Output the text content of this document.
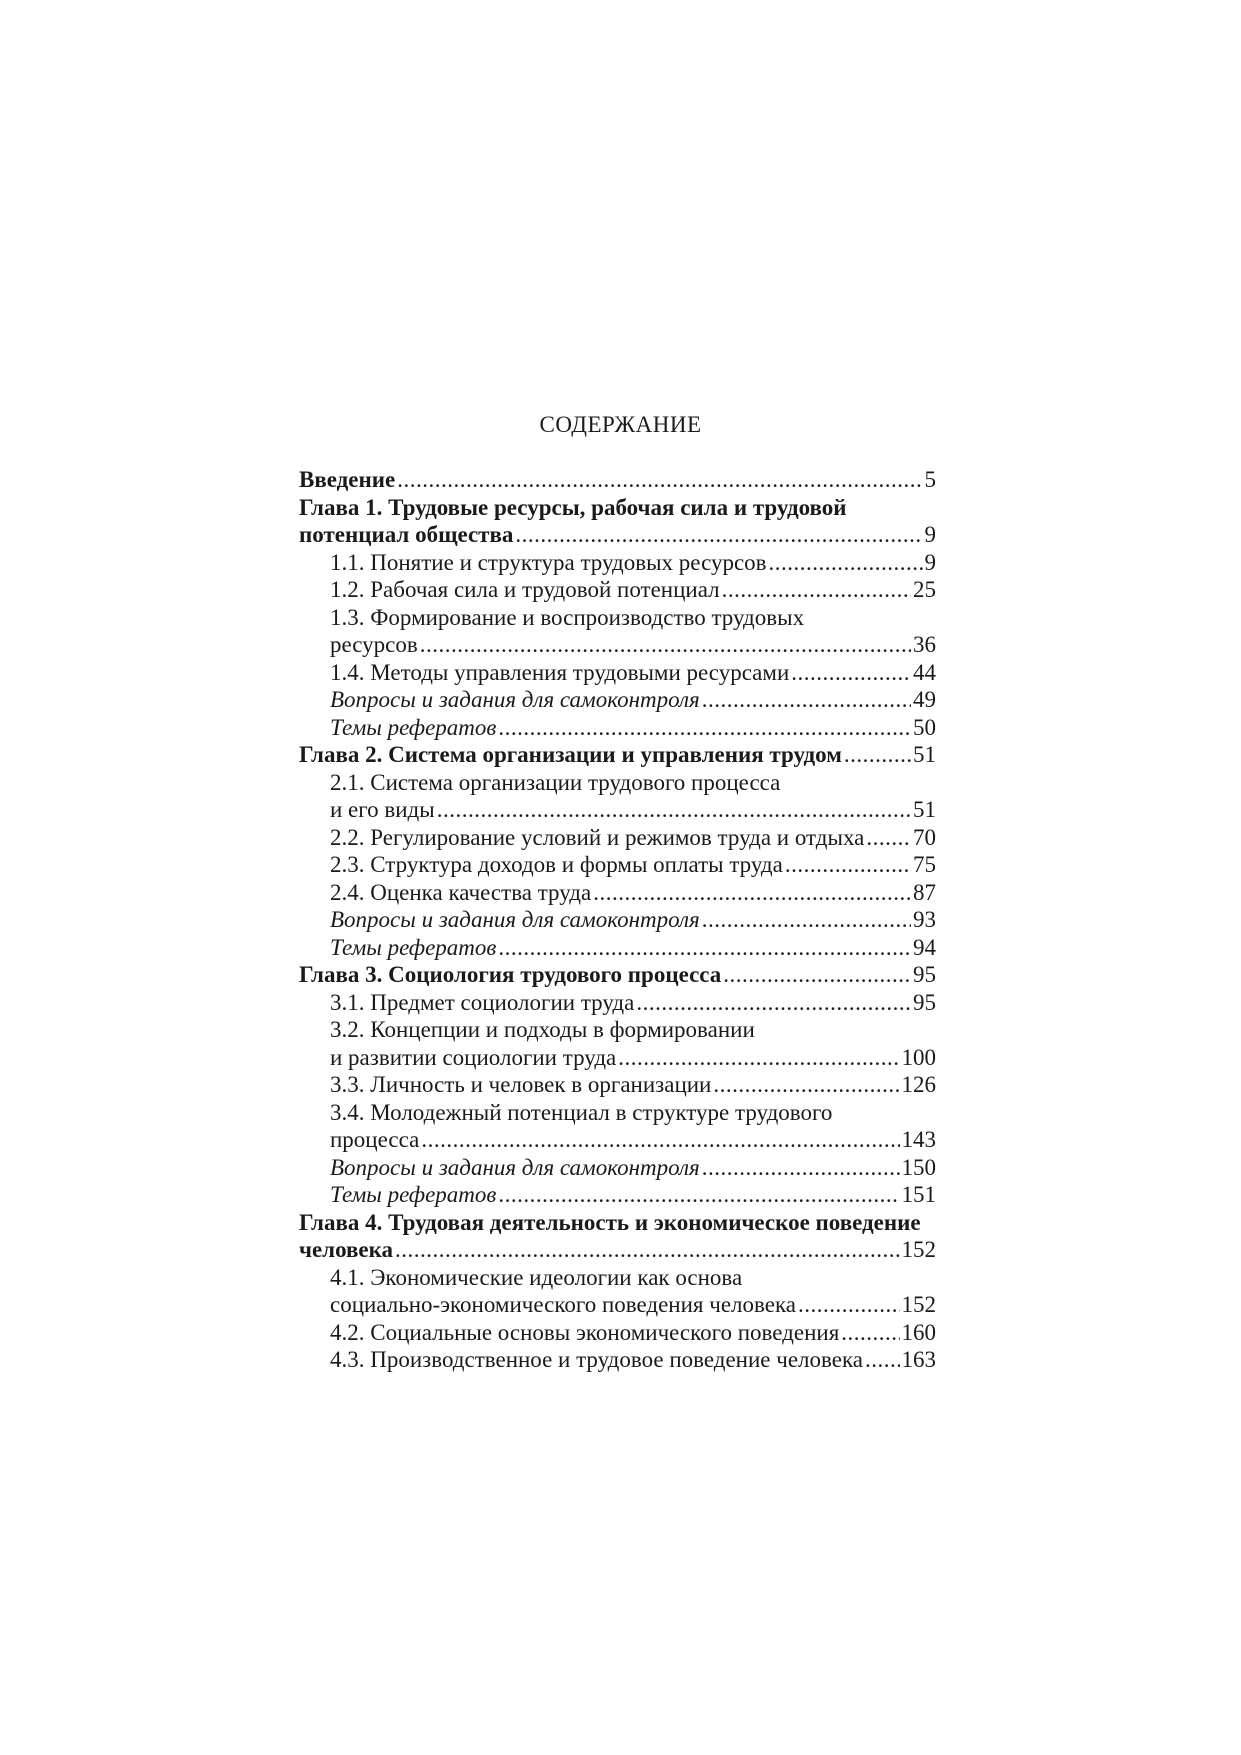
СОДЕРЖАНИЕ
Введение .....	5
Глава 1. Трудовые ресурсы, рабочая сила и трудовой
потенциал общества .....	9
1.1. Понятие и структура трудовых ресурсов .....	9
1.2. Рабочая сила и трудовой потенциал .....	25
1.3. Формирование и воспроизводство трудовых
ресурсов .....	36
1.4. Методы управления трудовыми ресурсами .....	44
Вопросы и задания для самоконтроля .....	49
Темы рефератов .....	50
Глава 2. Система организации и управления трудом .....	51
2.1. Система организации трудового процесса
и его виды .....	51
2.2. Регулирование условий и режимов труда и отдыха ..... 70
2.3. Структура доходов и формы оплаты труда .....	75
2.4. Оценка качества труда .....	87
Вопросы и задания для самоконтроля .....	93
Темы рефератов .....	94
Глава 3. Социология трудового процесса .....	95
3.1. Предмет социологии труда .....	95
3.2. Концепции и подходы в формировании
и развитии социологии труда .....	100
3.3. Личность и человек в организации .....	126
3.4. Молодежный потенциал в структуре трудового
процесса .....	143
Вопросы и задания для самоконтроля .....	150
Темы рефератов .....	151
Глава 4. Трудовая деятельность и экономическое поведение
человека .....	152
4.1. Экономические идеологии как основа
социально-экономического поведения человека .....	152
4.2. Социальные основы экономического поведения .....	160
4.3. Производственное и трудовое поведение человека ..... 163
